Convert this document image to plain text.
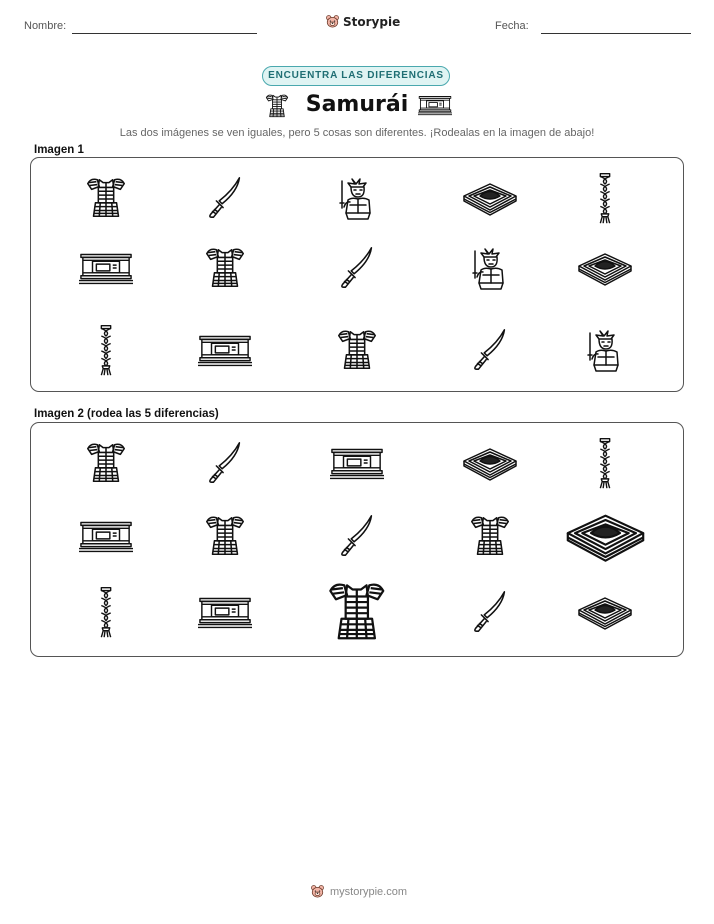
Nombre:	Storypie	Fecha:
ENCUENTRA LAS DIFERENCIAS
Samurái
Las dos imágenes se ven iguales, pero 5 cosas son diferentes. ¡Rodealas en la imagen de abajo!
Imagen 1
Imagen 2 (rodea las 5 diferencias)
mystorypie.com
